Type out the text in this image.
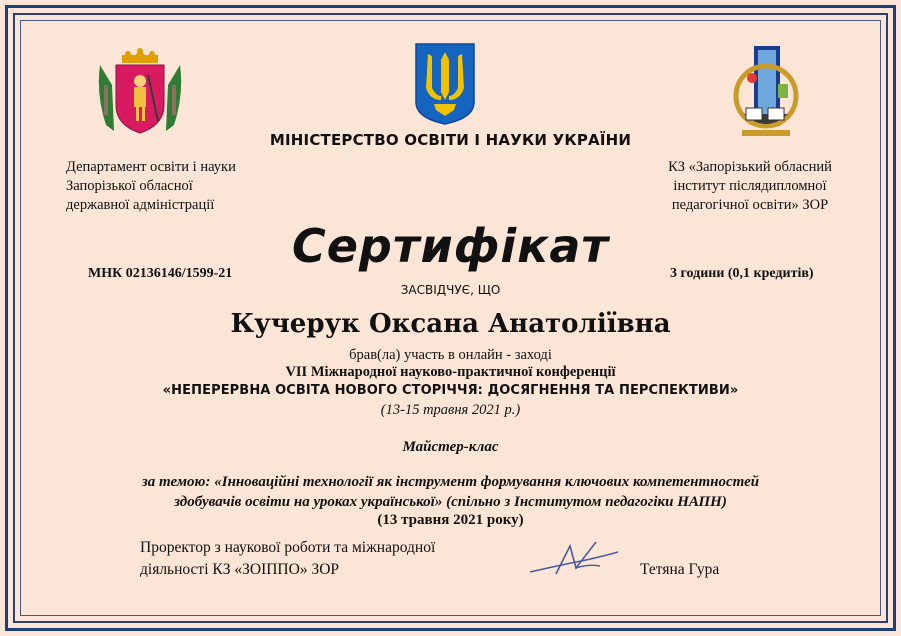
МІНІСТЕРСТВО ОСВІТИ І НАУКИ УКРАЇНИ
Департамент освіти і науки
Запорізької обласної
державної адміністрації
КЗ «Запорізький обласний
інститут післядипломної
педагогічної освіти» ЗОР
Сертифікат
МНК 02136146/1599-21	3 години (0,1 кредитів)
ЗАСВІДЧУЄ, ЩО
Кучерук Оксана Анатоліївна
брав(ла) участь в онлайн - заході
VII Міжнародної науково-практичної конференції
«НЕПЕРЕРВНА ОСВІТА НОВОГО СТОРІЧЧЯ: ДОСЯГНЕННЯ ТА ПЕРСПЕКТИВИ»
(13-15 травня 2021 р.)
Майстер-клас
за темою: «Інноваційні технології як інструмент формування ключових компетентностей
здобувачів освіти на уроках української» (спільно з Інститутом педагогіки НАПН)
(13 травня 2021 року)
Проректор з наукової роботи та міжнародної
діяльності КЗ «ЗОІППО» ЗОР	Тетяна Гура
